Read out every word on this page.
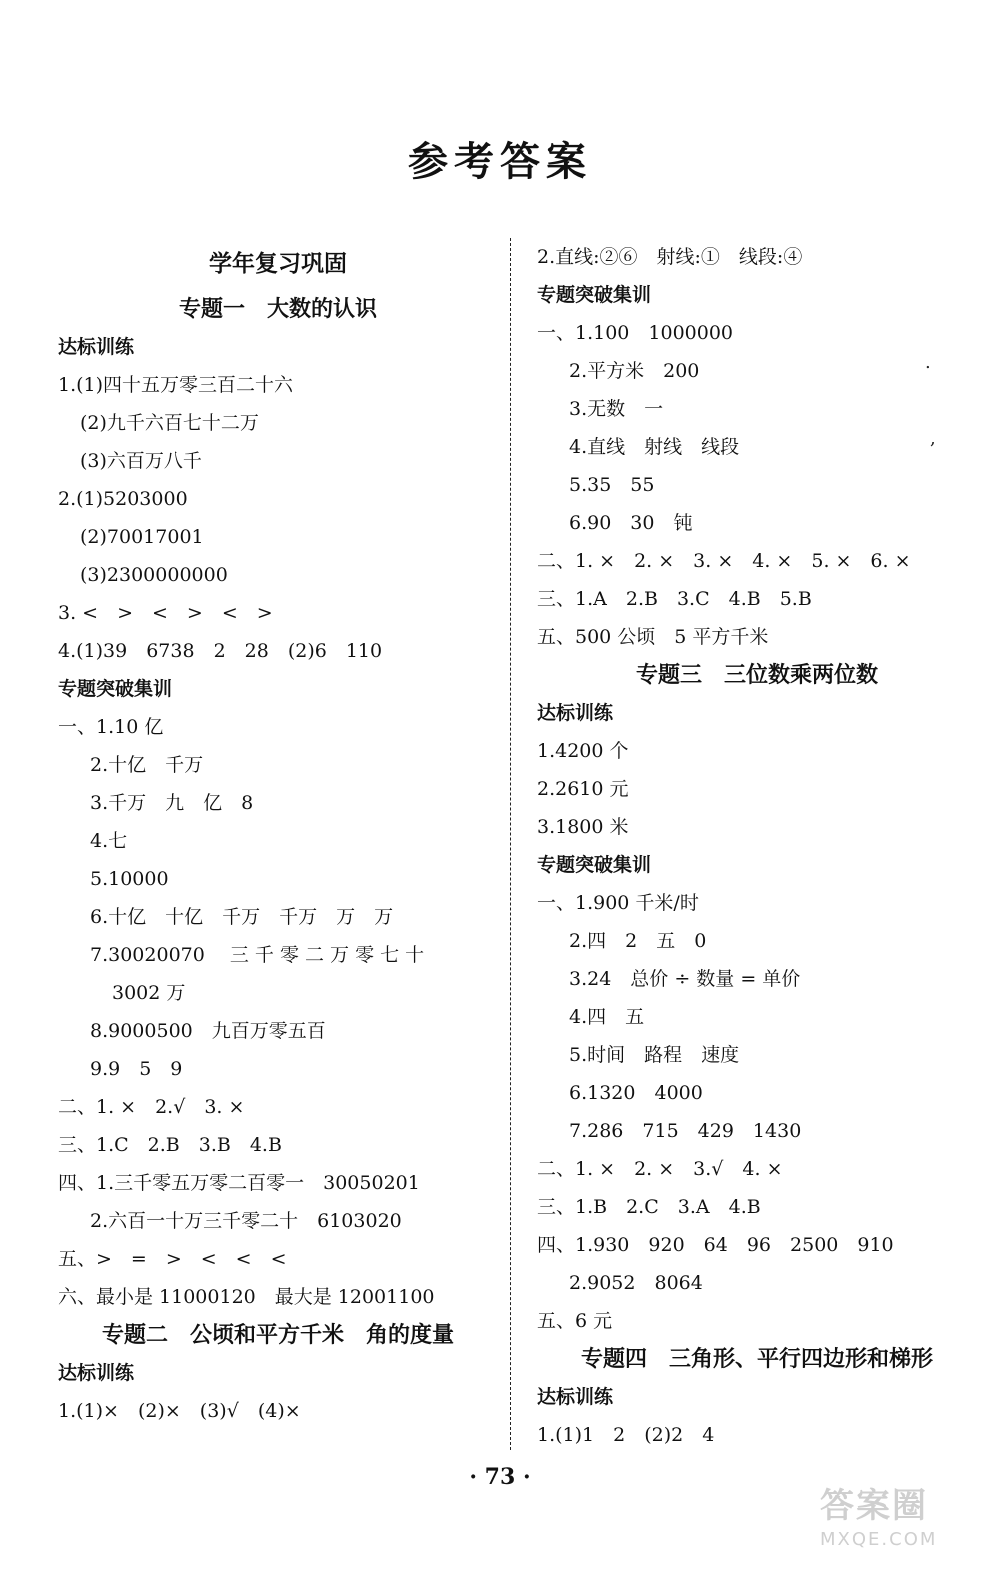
参考答案
学年复习巩固
专题一　大数的认识
达标训练
1.(1)四十五万零三百二十六
(2)九千六百七十二万
(3)六百万八千
2.(1)5203000
(2)70017001
(3)2300000000
3. <　>　<　>　<　>
4.(1)39　6738　2　28　(2)6　110
专题突破集训
一、1.10 亿
2.十亿　千万
3.千万　九　亿　8
4.七
5.10000
6.十亿　十亿　千万　千万　万　万
7.30020070　 三 千 零 二 万 零 七 十
3002 万
8.9000500　九百万零五百
9.9　5　9
二、1. ×　2.√　3. ×
三、1.C　2.B　3.B　4.B
四、1.三千零五万零二百零一　30050201
2.六百一十万三千零二十　6103020
五、>　=　>　<　<　<
六、最小是 11000120　最大是 12001100
专题二　公顷和平方千米　角的度量
达标训练
1.(1)×　(2)×　(3)√　(4)×
2.直线:②⑥　射线:①　线段:④
专题突破集训
一、1.100　1000000
2.平方米　200
3.无数　一
4.直线　射线　线段
5.35　55
6.90　30　钝
二、1. ×　2. ×　3. ×　4. ×　5. ×　6. ×
三、1.A　2.B　3.C　4.B　5.B
五、500 公顷　5 平方千米
专题三　三位数乘两位数
达标训练
1.4200 个
2.2610 元
3.1800 米
专题突破集训
一、1.900 千米/时
2.四　2　五　0
3.24　总价 ÷ 数量 = 单价
4.四　五
5.时间　路程　速度
6.1320　4000
7.286　715　429　1430
二、1. ×　2. ×　3.√　4. ×
三、1.B　2.C　3.A　4.B
四、1.930　920　64　96　2500　910
2.9052　8064
五、6 元
专题四　三角形、平行四边形和梯形
达标训练
1.(1)1　2　(2)2　4
.
,
· 73 ·
答案圈
MXQE.COM
